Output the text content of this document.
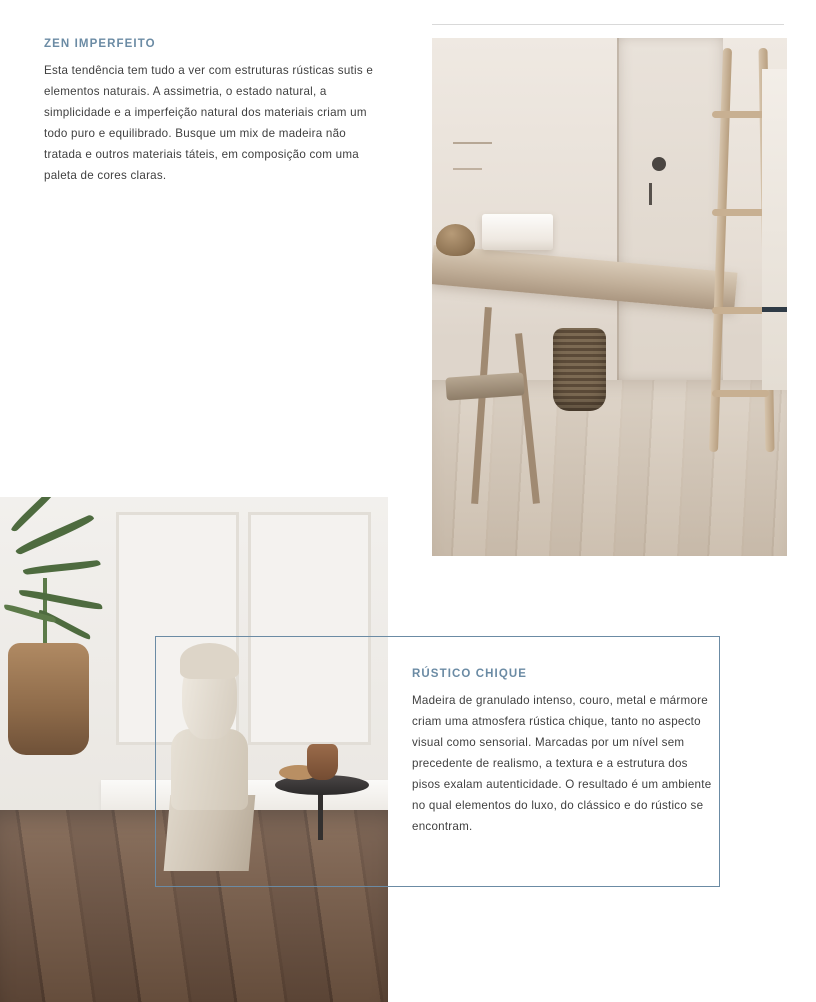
ZEN IMPERFEITO

Esta tendência tem tudo a ver com estruturas rústicas sutis e elementos naturais. A assimetria, o estado natural, a simplicidade e a imperfeição natural dos materiais criam um todo puro e equilibrado. Busque um mix de madeira não tratada e outros materiais táteis, em composição com uma paleta de cores claras.

RÚSTICO CHIQUE

Madeira de granulado intenso, couro, metal e mármore criam uma atmosfera rústica chique, tanto no aspecto visual como sensorial. Marcadas por um nível sem precedente de realismo, a textura e a estrutura dos pisos exalam autenticidade. O resultado é um ambiente no qual elementos do luxo, do clássico e do rústico se encontram.
